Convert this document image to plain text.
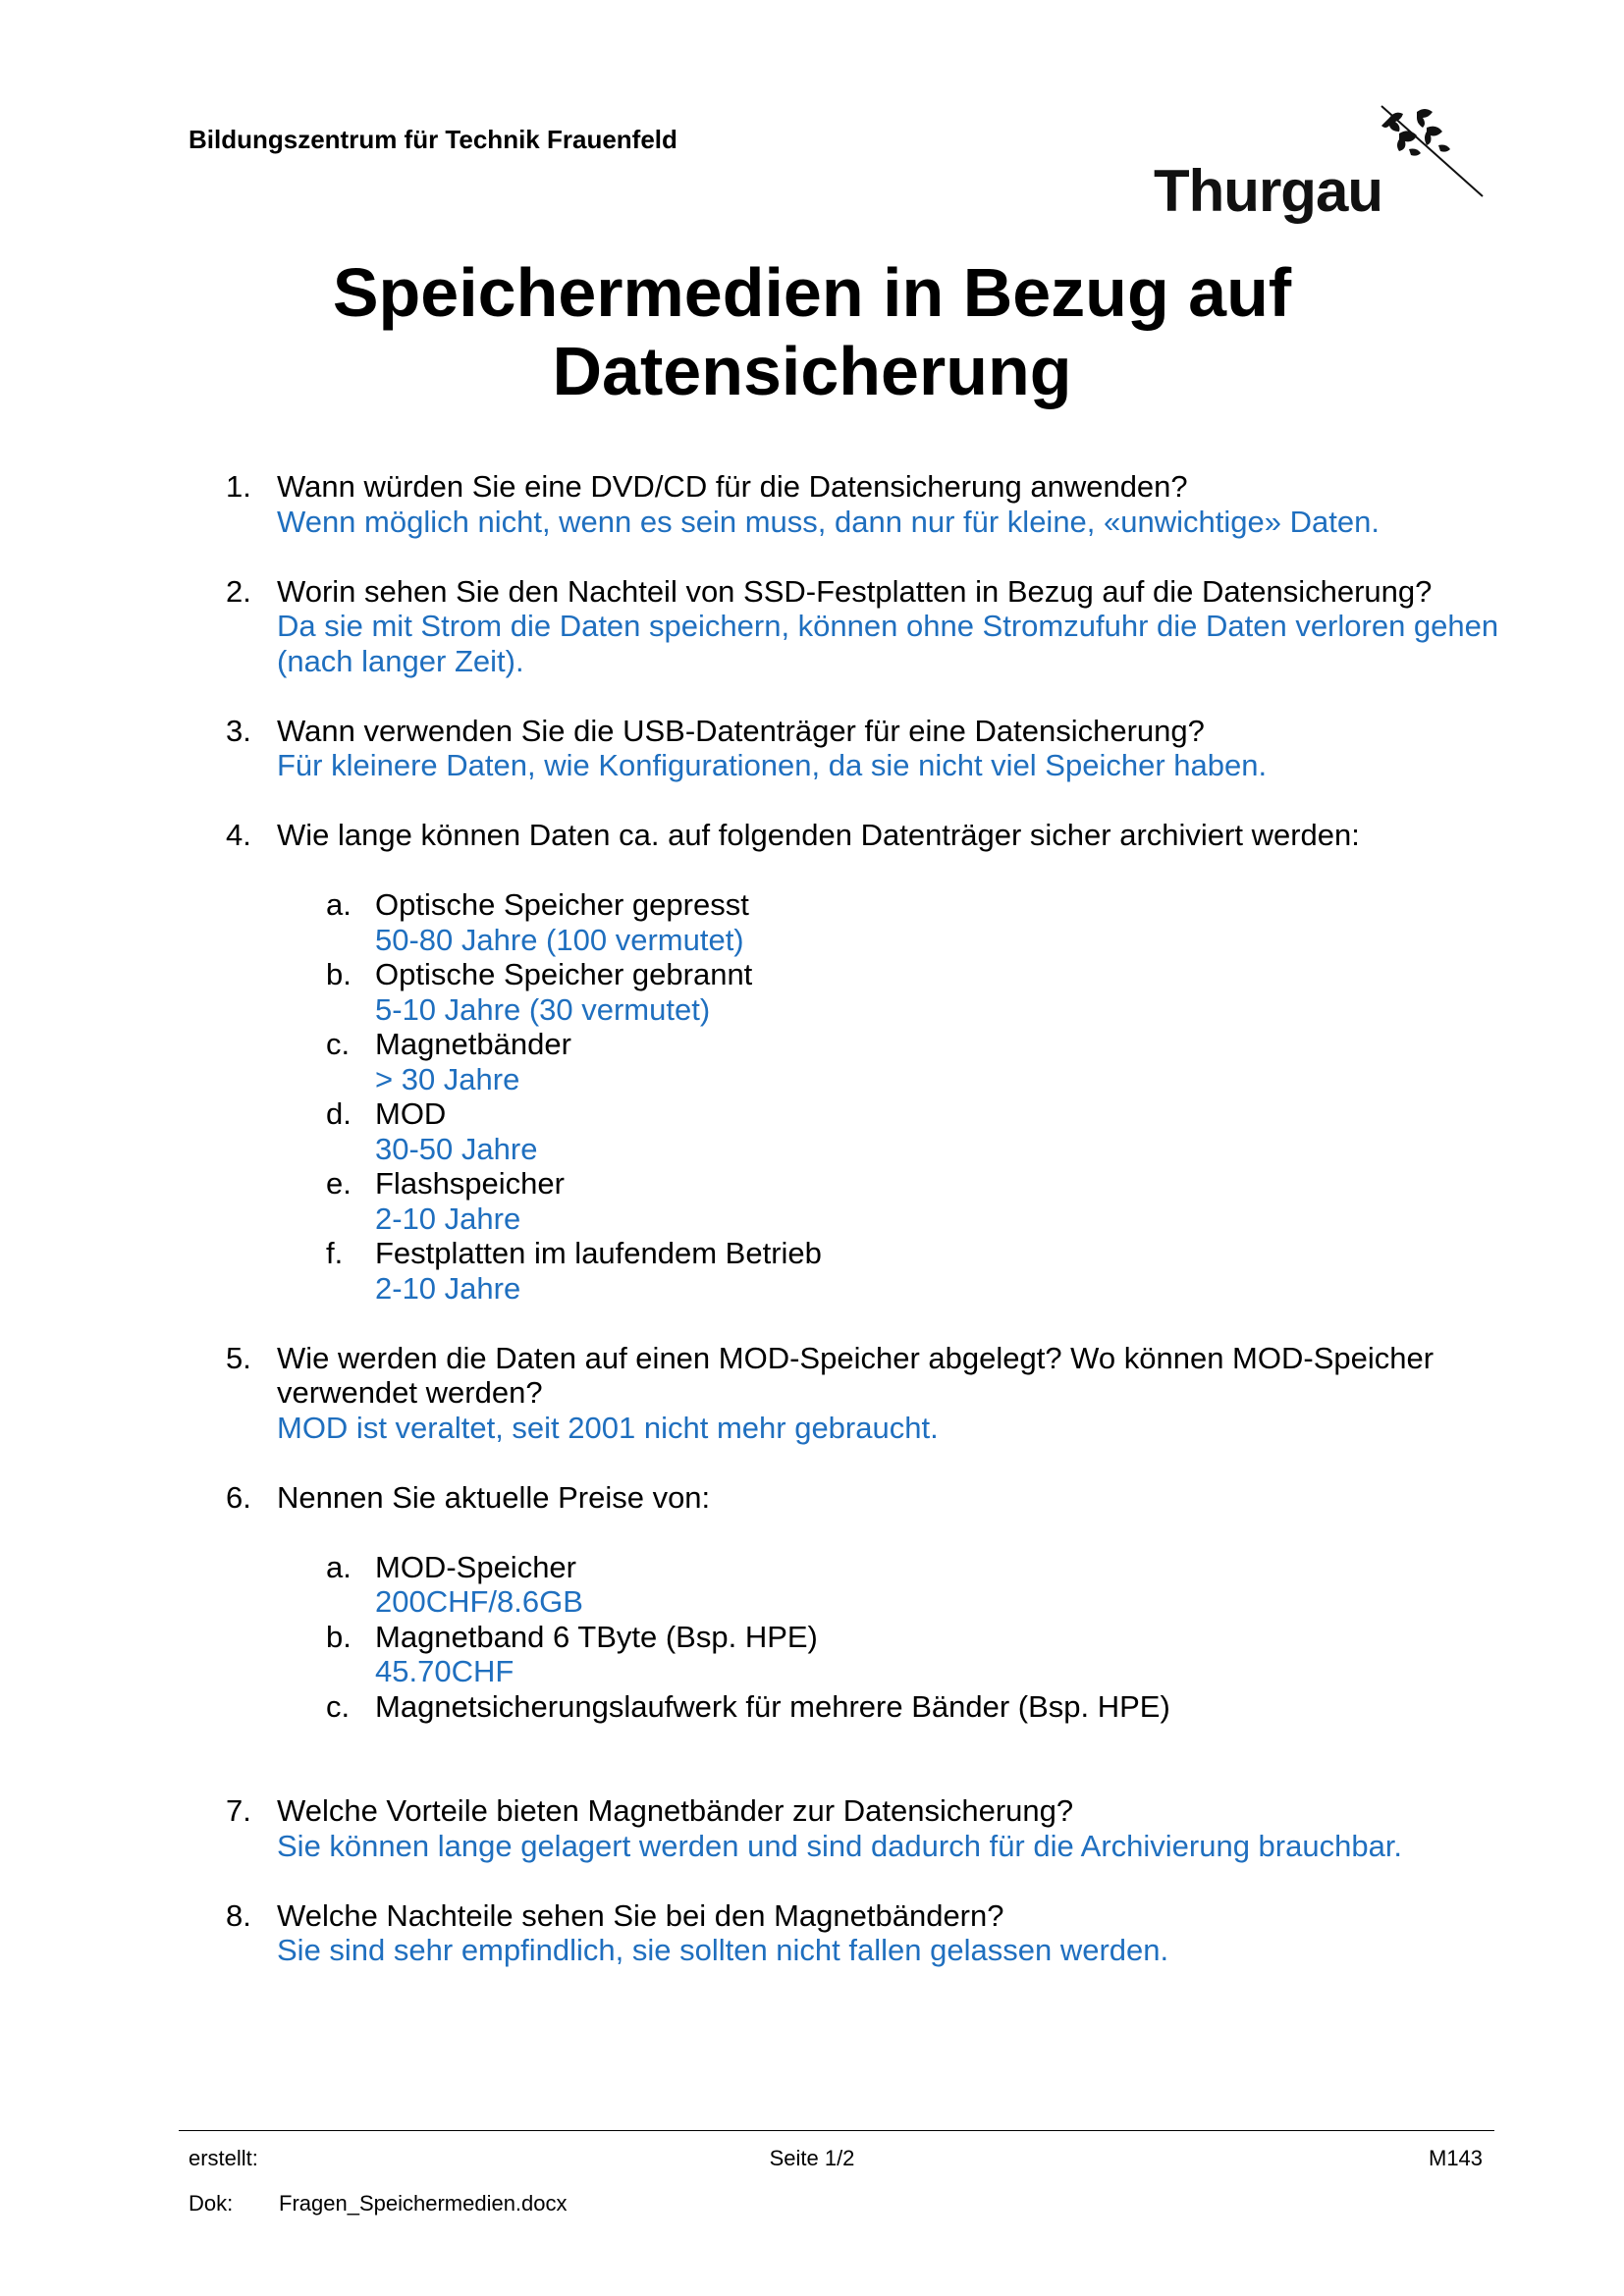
Bildungszentrum für Technik Frauenfeld
Thurgau
Speichermedien in Bezug auf
Datensicherung
1. Wann würden Sie eine DVD/CD für die Datensicherung anwenden?
Wenn möglich nicht, wenn es sein muss, dann nur für kleine, «unwichtige» Daten.
2. Worin sehen Sie den Nachteil von SSD-Festplatten in Bezug auf die Datensicherung?
Da sie mit Strom die Daten speichern, können ohne Stromzufuhr die Daten verloren gehen (nach langer Zeit).
3. Wann verwenden Sie die USB-Datenträger für eine Datensicherung?
Für kleinere Daten, wie Konfigurationen, da sie nicht viel Speicher haben.
4. Wie lange können Daten ca. auf folgenden Datenträger sicher archiviert werden:
a. Optische Speicher gepresst
50-80 Jahre (100 vermutet)
b. Optische Speicher gebrannt
5-10 Jahre (30 vermutet)
c. Magnetbänder
> 30 Jahre
d. MOD
30-50 Jahre
e. Flashspeicher
2-10 Jahre
f. Festplatten im laufendem Betrieb
2-10 Jahre
5. Wie werden die Daten auf einen MOD-Speicher abgelegt? Wo können MOD-Speicher verwendet werden?
MOD ist veraltet, seit 2001 nicht mehr gebraucht.
6. Nennen Sie aktuelle Preise von:
a. MOD-Speicher
200CHF/8.6GB
b. Magnetband 6 TByte (Bsp. HPE)
45.70CHF
c. Magnetsicherungslaufwerk für mehrere Bänder (Bsp. HPE)
7. Welche Vorteile bieten Magnetbänder zur Datensicherung?
Sie können lange gelagert werden und sind dadurch für die Archivierung brauchbar.
8. Welche Nachteile sehen Sie bei den Magnetbändern?
Sie sind sehr empfindlich, sie sollten nicht fallen gelassen werden.
erstellt:	Seite 1/2	M143
Dok: Fragen_Speichermedien.docx
